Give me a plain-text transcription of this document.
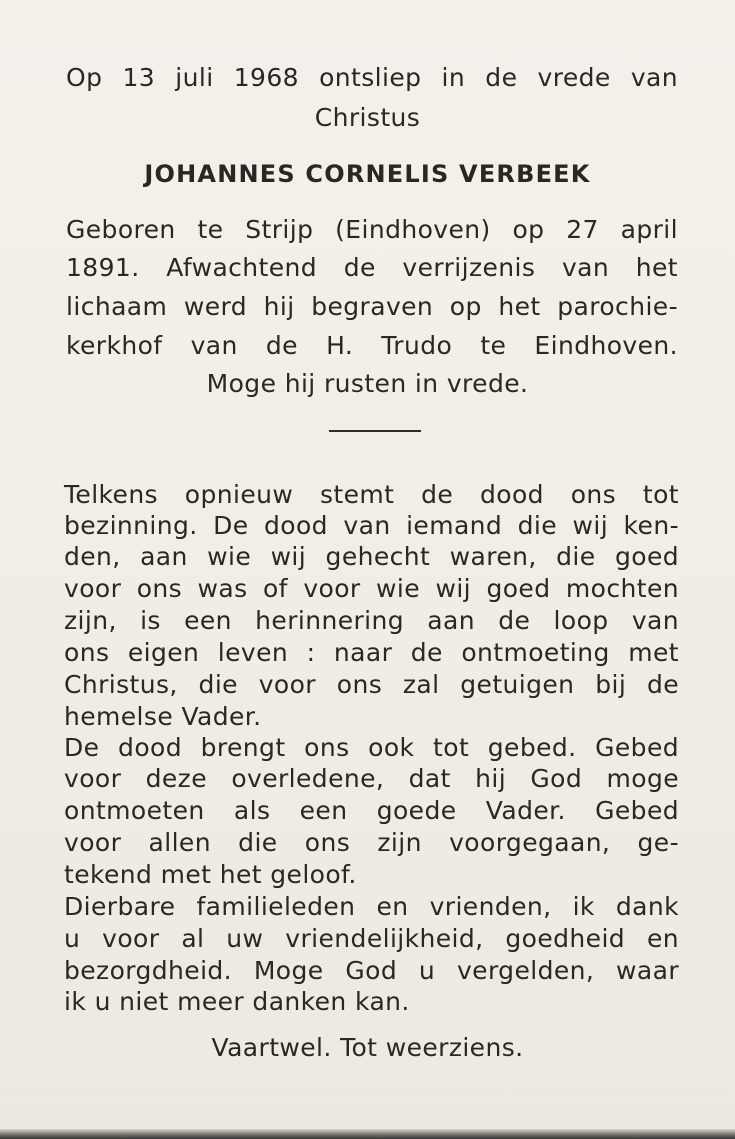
Op 13 juli 1968 ontsliep in de vrede van

Christus

JOHANNES CORNELIS VERBEEK

Geboren te Strijp (Eindhoven) op 27 april

1891. Afwachtend de verrijzenis van het

lichaam werd hij begraven op het parochie-

kerkhof van de H. Trudo te Eindhoven.

Moge hij rusten in vrede.

Telkens opnieuw stemt de dood ons tot

bezinning. De dood van iemand die wij ken-

den, aan wie wij gehecht waren, die goed

voor ons was of voor wie wij goed mochten

zijn, is een herinnering aan de loop van

ons eigen leven : naar de ontmoeting met

Christus, die voor ons zal getuigen bij de

hemelse Vader.

De dood brengt ons ook tot gebed. Gebed

voor deze overledene, dat hij God moge

ontmoeten als een goede Vader. Gebed

voor allen die ons zijn voorgegaan, ge-

tekend met het geloof.

Dierbare familieleden en vrienden, ik dank

u voor al uw vriendelijkheid, goedheid en

bezorgdheid. Moge God u vergelden, waar

ik u niet meer danken kan.

Vaartwel. Tot weerziens.
